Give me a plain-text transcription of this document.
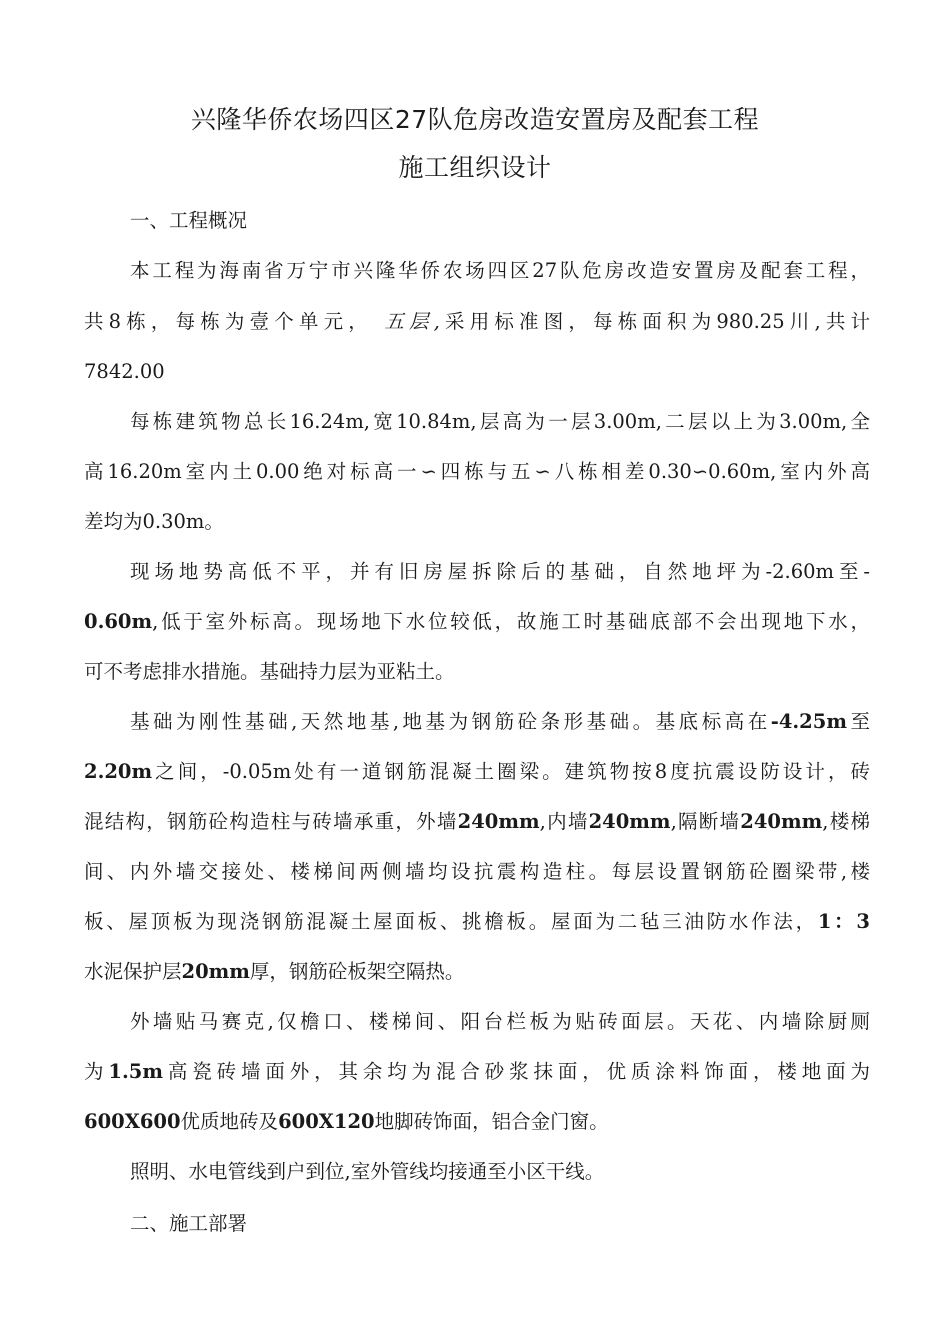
兴隆华侨农场四区27队危房改造安置房及配套工程
施工组织设计
一、工程概况
本工程为海南省万宁市兴隆华侨农场四区27队危房改造安置房及配套工程，
共8栋，每栋为壹个单元， 五层,采用标准图，每栋面积为980.25川,共计
7842.00
每栋建筑物总长16.24m,宽10.84m,层高为一层3.00m,二层以上为3.00m,全
高16.20m室内土0.00绝对标高一∽四栋与五∽八栋相差0.30∽0.60m,室内外高
差均为0.30m。
现场地势高低不平，并有旧房屋拆除后的基础，自然地坪为-2.60m至-
0.60m,低于室外标高。现场地下水位较低，故施工时基础底部不会出现地下水，
可不考虑排水措施。基础持力层为亚粘土。
基础为刚性基础,天然地基,地基为钢筋砼条形基础。基底标高在-4.25m至
2.20m之间，-0.05m处有一道钢筋混凝土圈梁。建筑物按8度抗震设防设计，砖
混结构，钢筋砼构造柱与砖墙承重，外墙240mm,内墙240mm,隔断墙240mm,楼梯
间、内外墙交接处、楼梯间两侧墙均设抗震构造柱。每层设置钢筋砼圈梁带,楼
板、屋顶板为现浇钢筋混凝土屋面板、挑檐板。屋面为二毡三油防水作法，1：3
水泥保护层20mm厚，钢筋砼板架空隔热。
外墙贴马赛克,仅檐口、楼梯间、阳台栏板为贴砖面层。天花、内墙除厨厕
为1.5m高瓷砖墙面外，其余均为混合砂浆抹面，优质涂料饰面，楼地面为
600X600优质地砖及600X120地脚砖饰面，铝合金门窗。
照明、水电管线到户到位,室外管线均接通至小区干线。
二、施工部署
